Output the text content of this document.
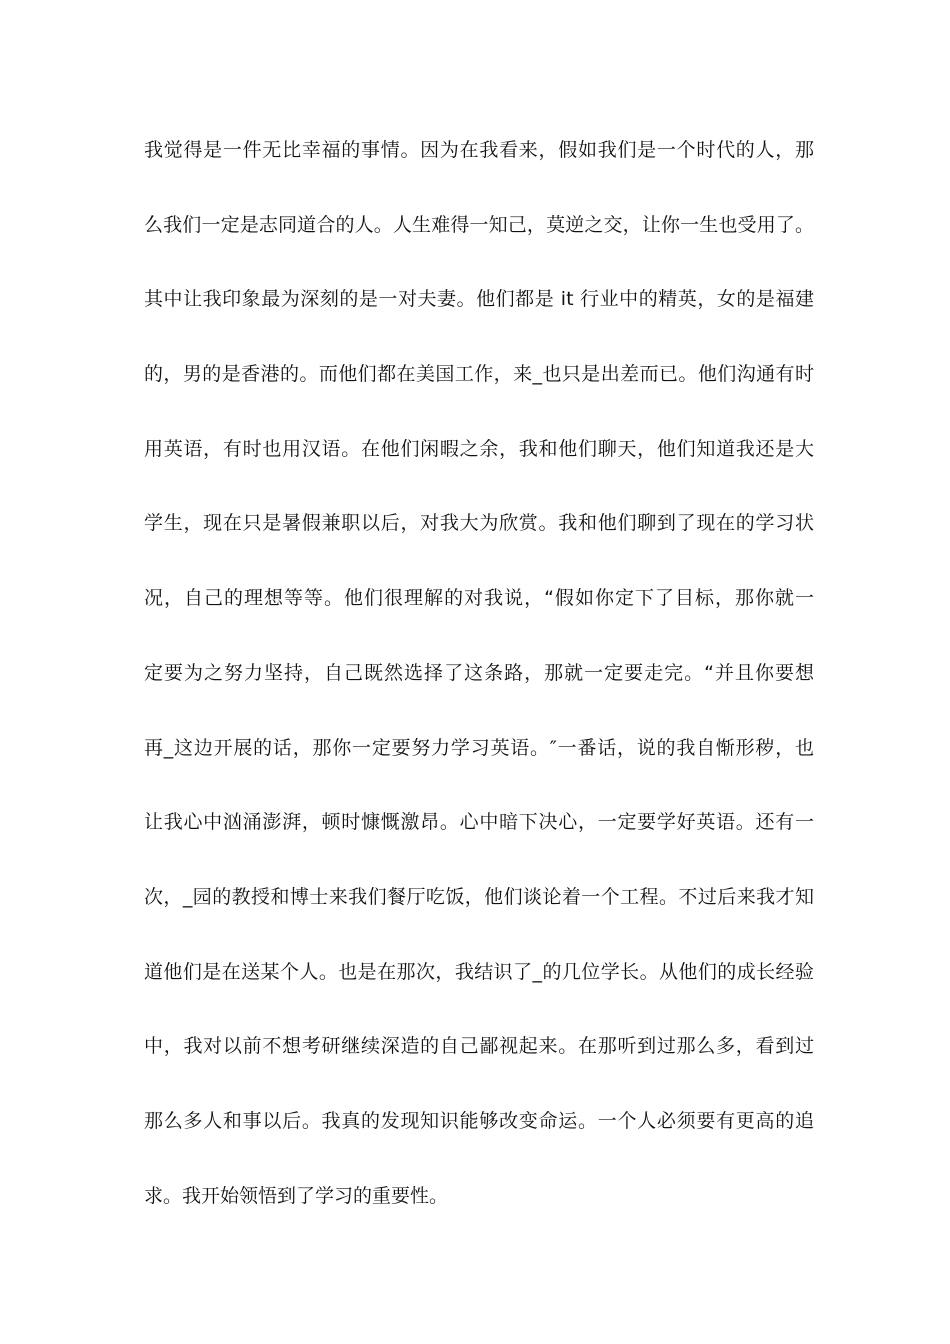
我觉得是一件无比幸福的事情。因为在我看来，假如我们是一个时代的人，那
么我们一定是志同道合的人。人生难得一知己，莫逆之交，让你一生也受用了。
其中让我印象最为深刻的是一对夫妻。他们都是 it 行业中的精英，女的是福建
的，男的是香港的。而他们都在美国工作，来_也只是出差而已。他们沟通有时
用英语，有时也用汉语。在他们闲暇之余，我和他们聊天，他们知道我还是大
学生，现在只是暑假兼职以后，对我大为欣赏。我和他们聊到了现在的学习状
况，自己的理想等等。他们很理解的对我说，“假如你定下了目标，那你就一
定要为之努力坚持，自己既然选择了这条路，那就一定要走完。“并且你要想
再_这边开展的话，那你一定要努力学习英语。″一番话，说的我自惭形秽，也
让我心中汹涌澎湃，顿时慷慨激昂。心中暗下决心，一定要学好英语。还有一
次，_园的教授和博士来我们餐厅吃饭，他们谈论着一个工程。不过后来我才知
道他们是在送某个人。也是在那次，我结识了_的几位学长。从他们的成长经验
中，我对以前不想考研继续深造的自己鄙视起来。在那听到过那么多，看到过
那么多人和事以后。我真的发现知识能够改变命运。一个人必须要有更高的追
求。我开始领悟到了学习的重要性。
